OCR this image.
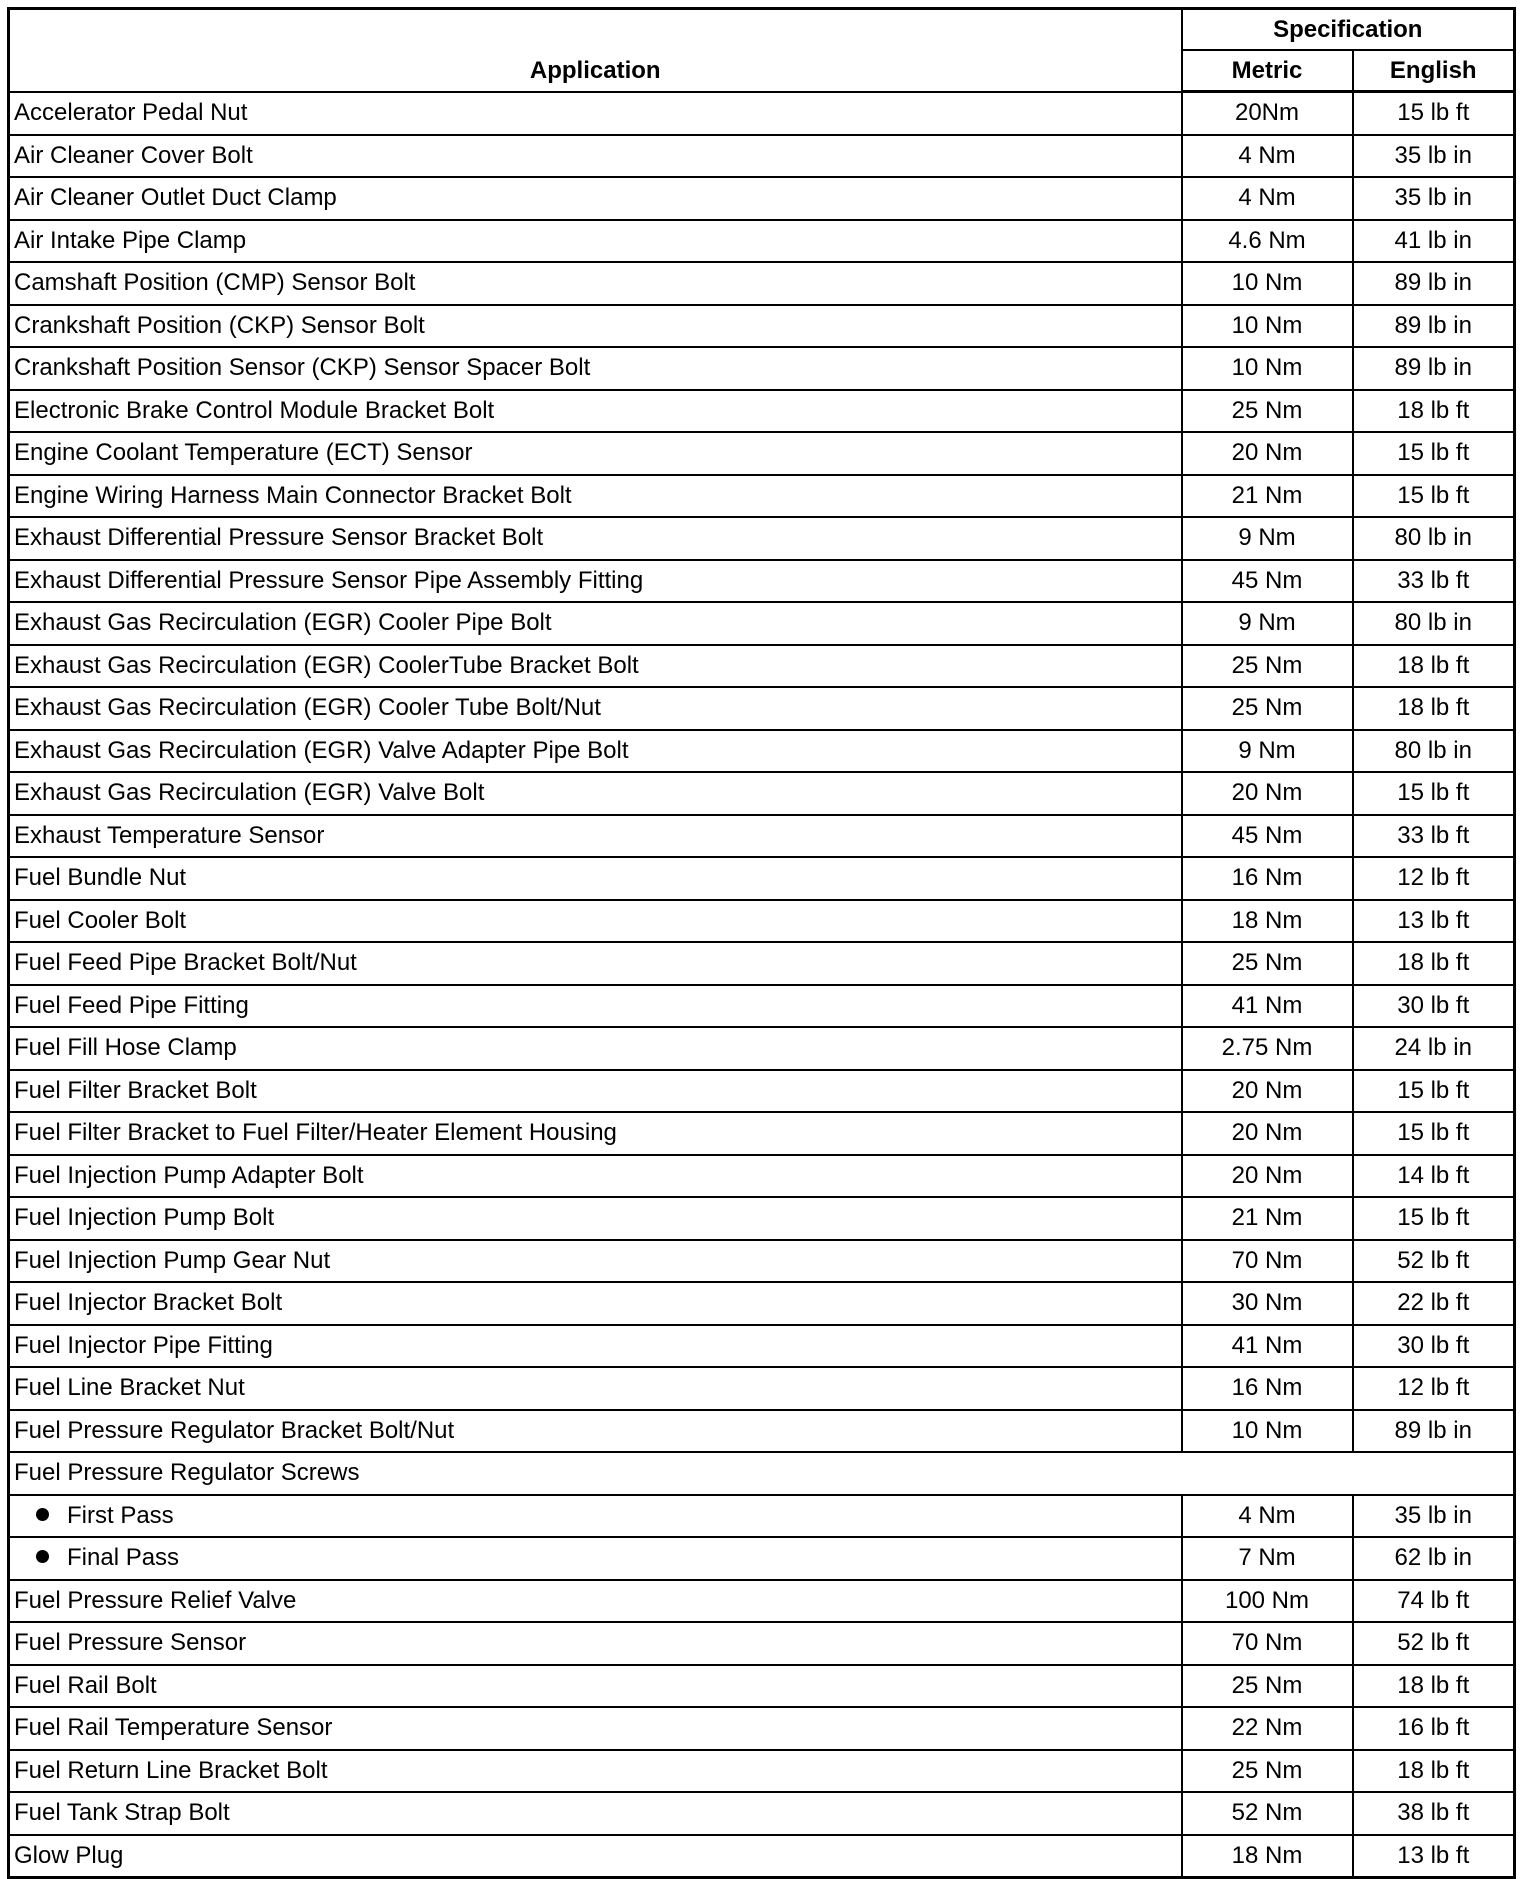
Application	Specification	
	Metric	English
Accelerator Pedal Nut	20Nm	15 lb ft
Air Cleaner Cover Bolt	4 Nm	35 lb in
Air Cleaner Outlet Duct Clamp	4 Nm	35 lb in
Air Intake Pipe Clamp	4.6 Nm	41 lb in
Camshaft Position (CMP) Sensor Bolt	10 Nm	89 lb in
Crankshaft Position (CKP) Sensor Bolt	10 Nm	89 lb in
Crankshaft Position Sensor (CKP) Sensor Spacer Bolt	10 Nm	89 lb in
Electronic Brake Control Module Bracket Bolt	25 Nm	18 lb ft
Engine Coolant Temperature (ECT) Sensor	20 Nm	15 lb ft
Engine Wiring Harness Main Connector Bracket Bolt	21 Nm	15 lb ft
Exhaust Differential Pressure Sensor Bracket Bolt	9 Nm	80 lb in
Exhaust Differential Pressure Sensor Pipe Assembly Fitting	45 Nm	33 lb ft
Exhaust Gas Recirculation (EGR) Cooler Pipe Bolt	9 Nm	80 lb in
Exhaust Gas Recirculation (EGR) CoolerTube Bracket Bolt	25 Nm	18 lb ft
Exhaust Gas Recirculation (EGR) Cooler Tube Bolt/Nut	25 Nm	18 lb ft
Exhaust Gas Recirculation (EGR) Valve Adapter Pipe Bolt	9 Nm	80 lb in
Exhaust Gas Recirculation (EGR) Valve Bolt	20 Nm	15 lb ft
Exhaust Temperature Sensor	45 Nm	33 lb ft
Fuel Bundle Nut	16 Nm	12 lb ft
Fuel Cooler Bolt	18 Nm	13 lb ft
Fuel Feed Pipe Bracket Bolt/Nut	25 Nm	18 lb ft
Fuel Feed Pipe Fitting	41 Nm	30 lb ft
Fuel Fill Hose Clamp	2.75 Nm	24 lb in
Fuel Filter Bracket Bolt	20 Nm	15 lb ft
Fuel Filter Bracket to Fuel Filter/Heater Element Housing	20 Nm	15 lb ft
Fuel Injection Pump Adapter Bolt	20 Nm	14 lb ft
Fuel Injection Pump Bolt	21 Nm	15 lb ft
Fuel Injection Pump Gear Nut	70 Nm	52 lb ft
Fuel Injector Bracket Bolt	30 Nm	22 lb ft
Fuel Injector Pipe Fitting	41 Nm	30 lb ft
Fuel Line Bracket Nut	16 Nm	12 lb ft
Fuel Pressure Regulator Bracket Bolt/Nut	10 Nm	89 lb in
Fuel Pressure Regulator Screws		
First Pass	4 Nm	35 lb in
Final Pass	7 Nm	62 lb in
Fuel Pressure Relief Valve	100 Nm	74 lb ft
Fuel Pressure Sensor	70 Nm	52 lb ft
Fuel Rail Bolt	25 Nm	18 lb ft
Fuel Rail Temperature Sensor	22 Nm	16 lb ft
Fuel Return Line Bracket Bolt	25 Nm	18 lb ft
Fuel Tank Strap Bolt	52 Nm	38 lb ft
Glow Plug	18 Nm	13 lb ft
